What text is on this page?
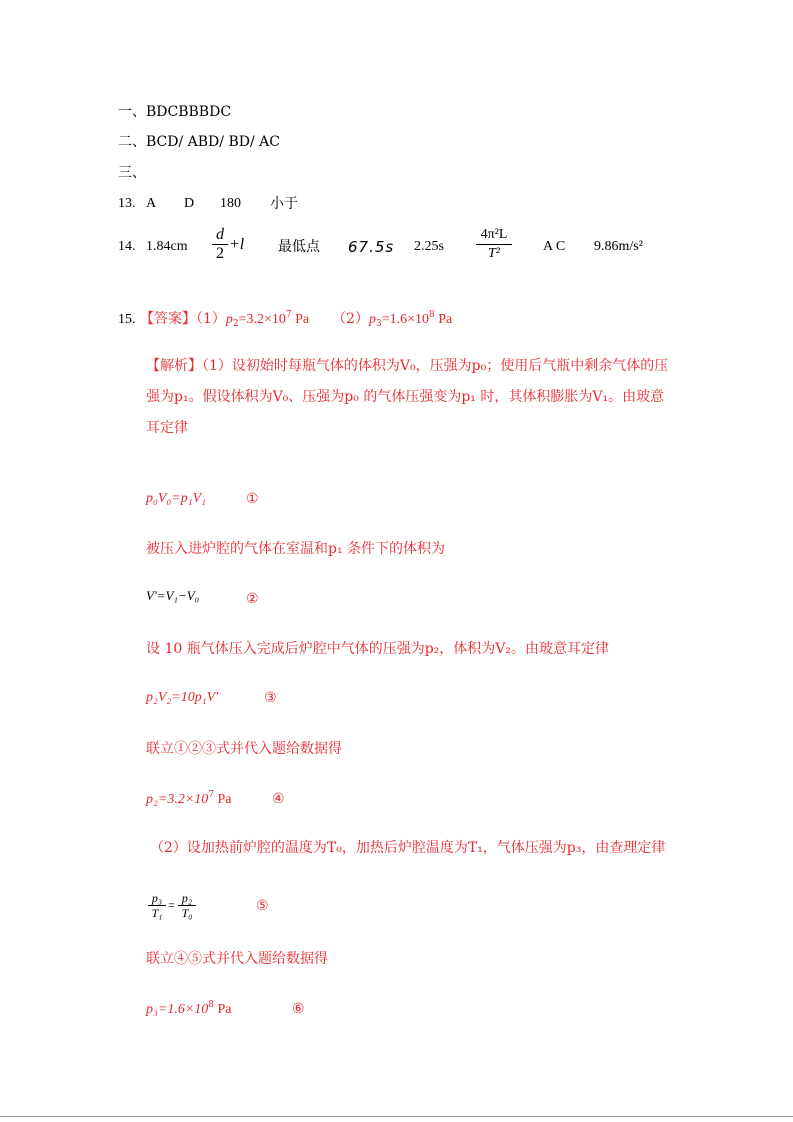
一、BDCBBBDC
二、BCD/ ABD/ BD/ AC
三、
13. A D 180 小于
14. 1.84cm
d
2
+l 最低点 67.5s 2.25s
4π²L
T²	A C 9.86m/s²
15. 【答案】$(1)p_2=3.2\times 10^7$ Pa $(2)p_3=1.6\times 10^8$ Pa
【解析】（1）设初始时每瓶气体的体积为V₀，压强为p₀；使用后气瓶中剩余气体的压
强为p₁。假设体积为V₀、压强为p₀ 的气体压强变为p₁ 时，其体积膨胀为V₁。由玻意
耳定律
p₀V₀=p₁V₁	①
被压入进炉腔的气体在室温和p₁ 条件下的体积为
V'=V₁−V₀	②
设 10 瓶气体压入完成后炉腔中气体的压强为p₂，体积为V₂。由玻意耳定律
p₂V₂=10p₁V'	③
联立①②③式并代入题给数据得
$p_2=3.2\times 10^7$ Pa	④
（2）设加热前炉腔的温度为T₀，加热后炉腔温度为T₁，气体压强为p₃，由查理定律
p₃
T₁
= p₂
T₀	⑤
联立④⑤式并代入题给数据得
$p_3=1.6\times 10^8$ Pa	⑥
